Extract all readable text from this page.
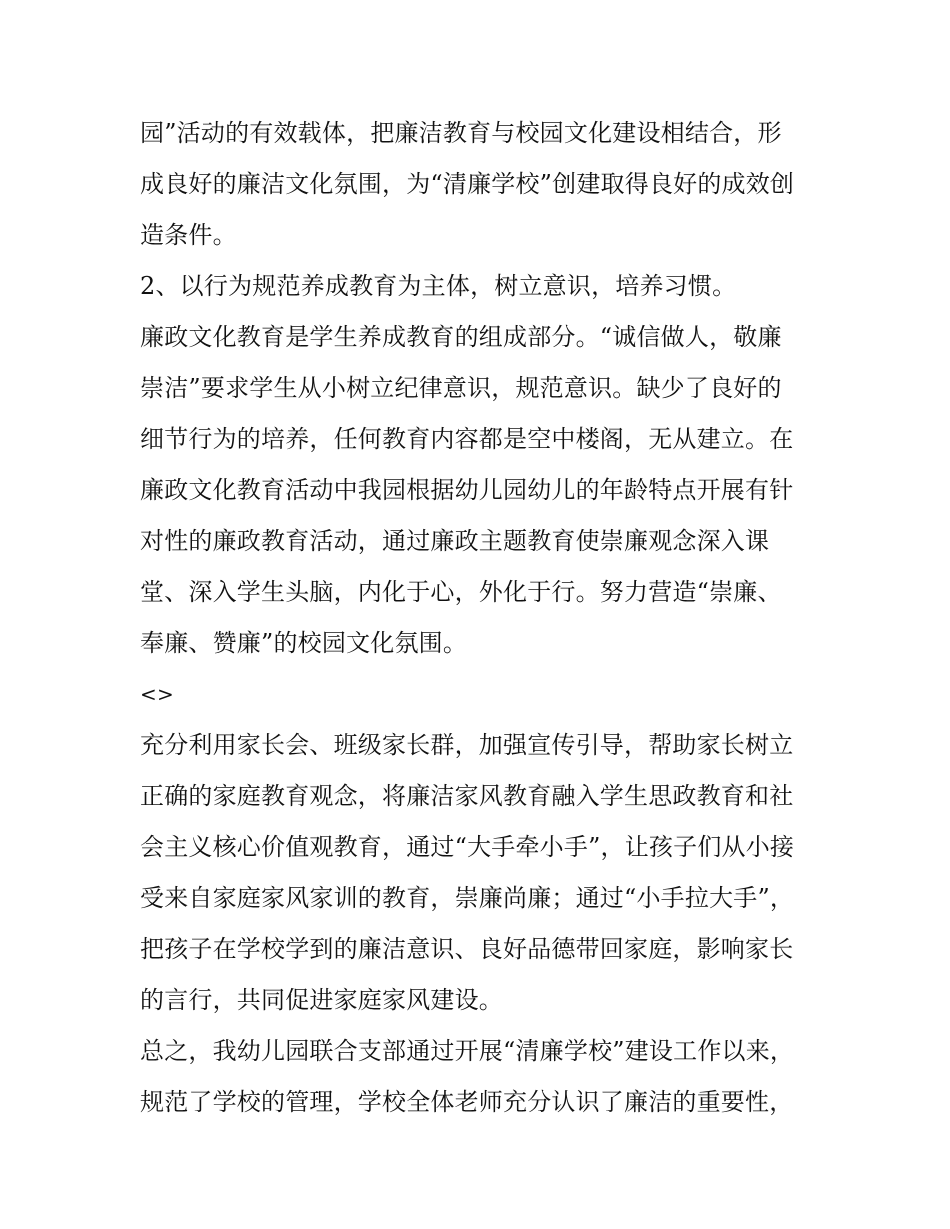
园”活动的有效载体，把廉洁教育与校园文化建设相结合，形
成良好的廉洁文化氛围，为“清廉学校”创建取得良好的成效创
造条件。
2、以行为规范养成教育为主体，树立意识，培养习惯。
廉政文化教育是学生养成教育的组成部分。“诚信做人，敬廉
崇洁”要求学生从小树立纪律意识，规范意识。缺少了良好的
细节行为的培养，任何教育内容都是空中楼阁，无从建立。在
廉政文化教育活动中我园根据幼儿园幼儿的年龄特点开展有针
对性的廉政教育活动，通过廉政主题教育使崇廉观念深入课
堂、深入学生头脑，内化于心，外化于行。努力营造“崇廉、
奉廉、赞廉”的校园文化氛围。
<>
充分利用家长会、班级家长群，加强宣传引导，帮助家长树立
正确的家庭教育观念，将廉洁家风教育融入学生思政教育和社
会主义核心价值观教育，通过“大手牵小手”，让孩子们从小接
受来自家庭家风家训的教育，崇廉尚廉；通过“小手拉大手”，
把孩子在学校学到的廉洁意识、良好品德带回家庭，影响家长
的言行，共同促进家庭家风建设。
总之，我幼儿园联合支部通过开展“清廉学校”建设工作以来，
规范了学校的管理，学校全体老师充分认识了廉洁的重要性，
